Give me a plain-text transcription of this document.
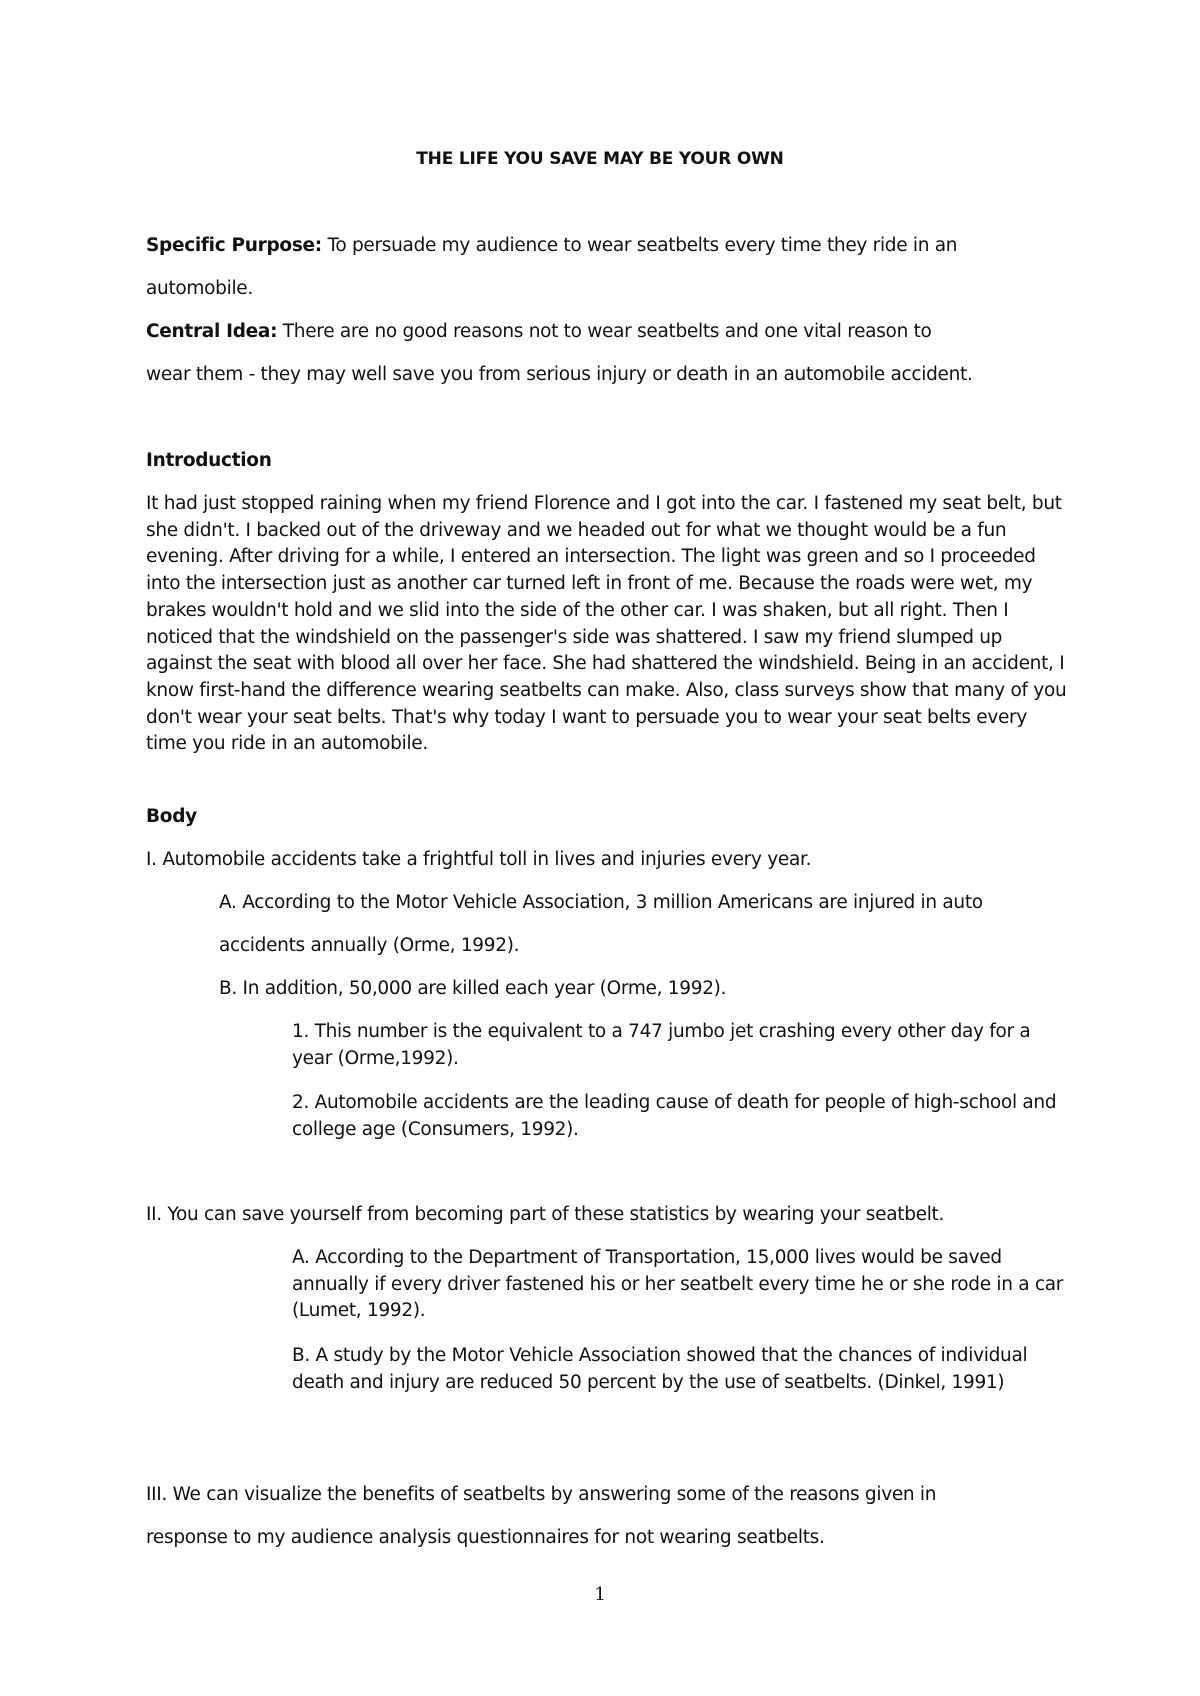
THE LIFE YOU SAVE MAY BE YOUR OWN
Specific Purpose: To persuade my audience to wear seatbelts every time they ride in an
automobile.
Central Idea: There are no good reasons not to wear seatbelts and one vital reason to
wear them - they may well save you from serious injury or death in an automobile accident.
Introduction
It had just stopped raining when my friend Florence and I got into the car. I fastened my seat belt, but she didn't. I backed out of the driveway and we headed out for what we thought would be a fun evening. After driving for a while, I entered an intersection. The light was green and so I proceeded into the intersection just as another car turned left in front of me. Because the roads were wet, my brakes wouldn't hold and we slid into the side of the other car. I was shaken, but all right. Then I noticed that the windshield on the passenger's side was shattered. I saw my friend slumped up against the seat with blood all over her face. She had shattered the windshield. Being in an accident, I know first-hand the difference wearing seatbelts can make. Also, class surveys show that many of you don't wear your seat belts. That's why today I want to persuade you to wear your seat belts every time you ride in an automobile.
Body
I. Automobile accidents take a frightful toll in lives and injuries every year.
A. According to the Motor Vehicle Association, 3 million Americans are injured in auto
accidents annually (Orme, 1992).
B. In addition, 50,000 are killed each year (Orme, 1992).
1. This number is the equivalent to a 747 jumbo jet crashing every other day for a year (Orme,1992).
2. Automobile accidents are the leading cause of death for people of high-school and college age (Consumers, 1992).
II. You can save yourself from becoming part of these statistics by wearing your seatbelt.
A. According to the Department of Transportation, 15,000 lives would be saved annually if every driver fastened his or her seatbelt every time he or she rode in a car (Lumet, 1992).
B. A study by the Motor Vehicle Association showed that the chances of individual death and injury are reduced 50 percent by the use of seatbelts. (Dinkel, 1991)
III. We can visualize the benefits of seatbelts by answering some of the reasons given in
response to my audience analysis questionnaires for not wearing seatbelts.
1
